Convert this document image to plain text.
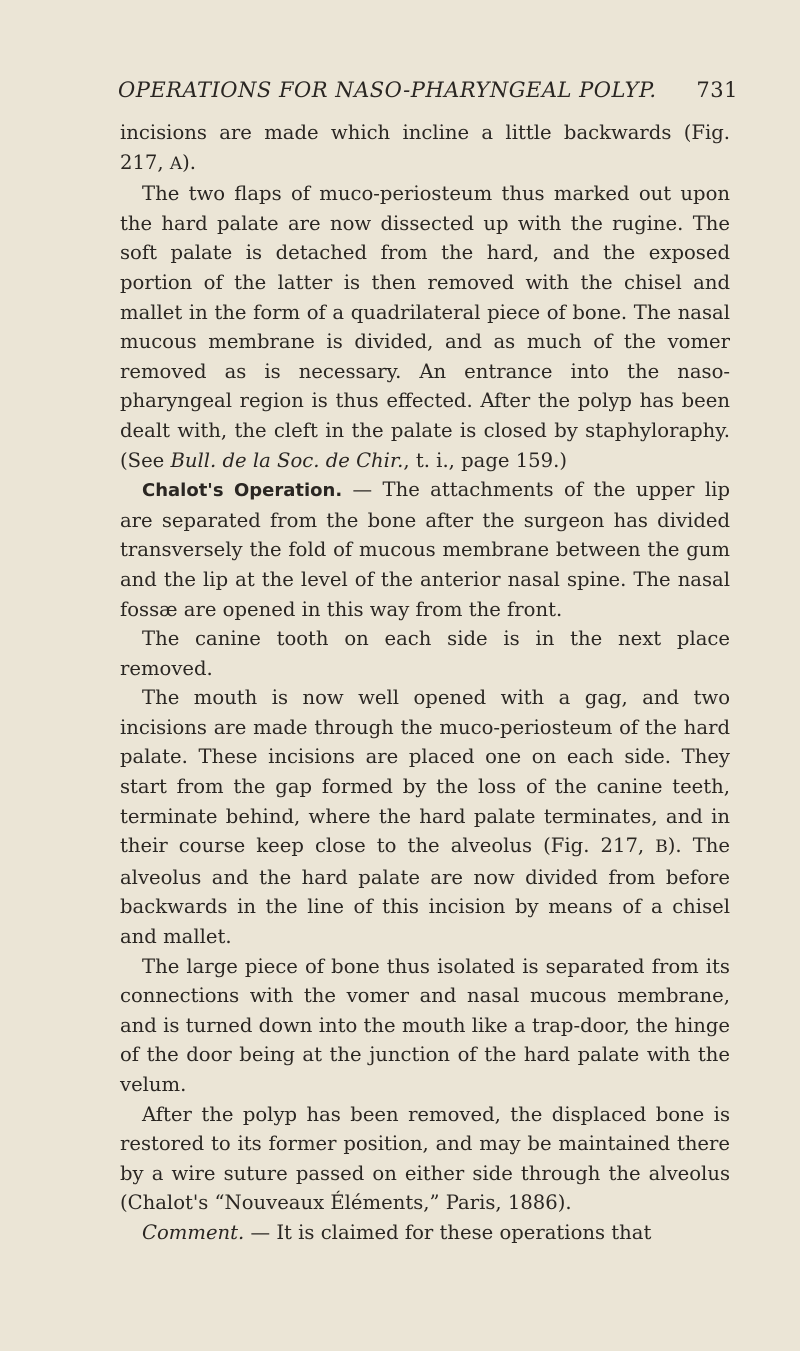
OPERATIONS FOR NASO-PHARYNGEAL POLYP. 731

incisions are made which incline a little backwards (Fig. 217, A).

The two flaps of muco-periosteum thus marked out upon the hard palate are now dissected up with the rugine. The soft palate is detached from the hard, and the exposed portion of the latter is then removed with the chisel and mallet in the form of a quadrilateral piece of bone. The nasal mucous membrane is divided, and as much of the vomer removed as is necessary. An entrance into the naso-pharyngeal region is thus effected. After the polyp has been dealt with, the cleft in the palate is closed by staphyloraphy. (See Bull. de la Soc. de Chir., t. i., page 159.)

Chalot's Operation. — The attachments of the upper lip are separated from the bone after the surgeon has divided transversely the fold of mucous membrane between the gum and the lip at the level of the anterior nasal spine. The nasal fossæ are opened in this way from the front.

The canine tooth on each side is in the next place removed.

The mouth is now well opened with a gag, and two incisions are made through the muco-periosteum of the hard palate. These incisions are placed one on each side. They start from the gap formed by the loss of the canine teeth, terminate behind, where the hard palate terminates, and in their course keep close to the alveolus (Fig. 217, B). The alveolus and the hard palate are now divided from before backwards in the line of this incision by means of a chisel and mallet.

The large piece of bone thus isolated is separated from its connections with the vomer and nasal mucous membrane, and is turned down into the mouth like a trap-door, the hinge of the door being at the junction of the hard palate with the velum.

After the polyp has been removed, the displaced bone is restored to its former position, and may be maintained there by a wire suture passed on either side through the alveolus (Chalot's “Nouveaux Éléments,” Paris, 1886).

Comment. — It is claimed for these operations that
